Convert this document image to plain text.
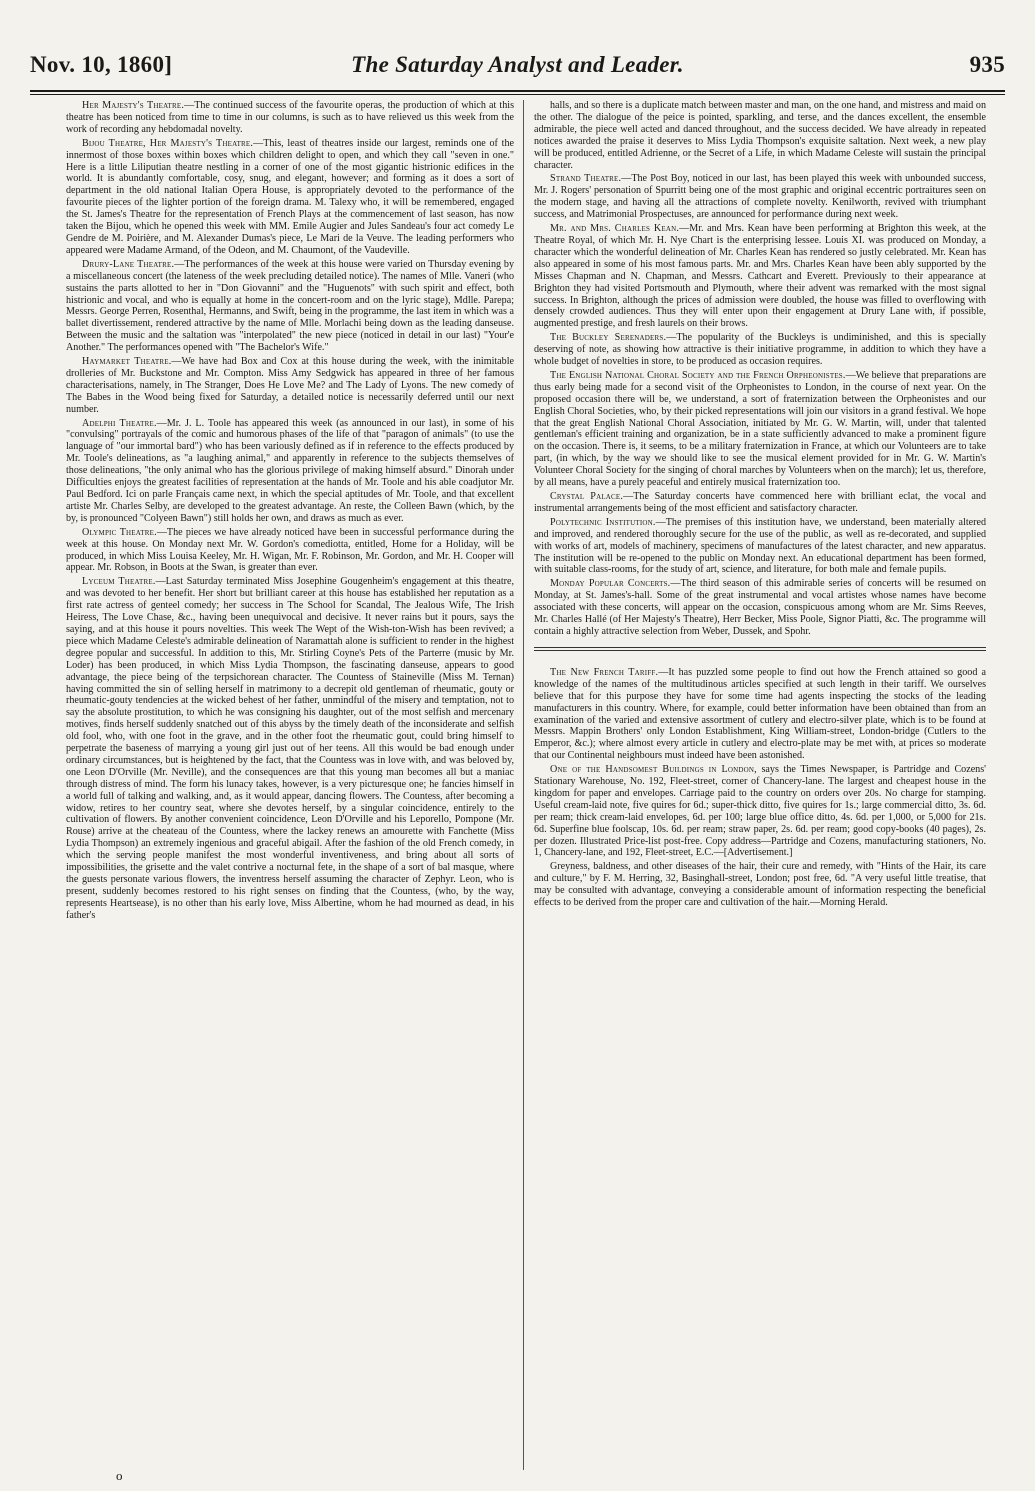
The Saturday Analyst and Leader.
Nov. 10, 1860]	935

Her Majesty's Theatre.—The continued success of the favourite operas, the production of which at this theatre has been noticed from time to time in our columns, is such as to have relieved us this week from the work of recording any hebdomadal novelty.

Bijou Theatre, Her Majesty's Theatre.—This, least of theatres inside our largest, reminds one of the innermost of those boxes within boxes which children delight to open, and which they call "seven in one." Here is a little Liliputian theatre nestling in a corner of one of the most gigantic histrionic edifices in the world. It is abundantly comfortable, cosy, snug, and elegant, however; and forming as it does a sort of department in the old national Italian Opera House, is appropriately devoted to the performance of the favourite pieces of the lighter portion of the foreign drama. M. Talexy who, it will be remembered, engaged the St. James's Theatre for the representation of French Plays at the commencement of last season, has now taken the Bijou, which he opened this week with MM. Emile Augier and Jules Sandeau's four act comedy Le Gendre de M. Poirière, and M. Alexander Dumas's piece, Le Mari de la Veuve. The leading performers who appeared were Madame Armand, of the Odeon, and M. Chaumont, of the Vaudeville.

Drury-Lane Theatre.—The performances of the week at this house were varied on Thursday evening by a miscellaneous concert (the lateness of the week precluding detailed notice). The names of Mlle. Vaneri (who sustains the parts allotted to her in "Don Giovanni" and the "Huguenots" with such spirit and effect, both histrionic and vocal, and who is equally at home in the concert-room and on the lyric stage), Mdlle. Parepa; Messrs. George Perren, Rosenthal, Hermanns, and Swift, being in the programme, the last item in which was a ballet divertissement, rendered attractive by the name of Mlle. Morlachi being down as the leading danseuse. Between the music and the saltation was "interpolated" the new piece (noticed in detail in our last) "Your'e Another." The performances opened with "The Bachelor's Wife."

Haymarket Theatre.—We have had Box and Cox at this house during the week, with the inimitable drolleries of Mr. Buckstone and Mr. Compton. Miss Amy Sedgwick has appeared in three of her famous characterisations, namely, in The Stranger, Does He Love Me? and The Lady of Lyons. The new comedy of The Babes in the Wood being fixed for Saturday, a detailed notice is necessarily deferred until our next number.

Adelphi Theatre.—Mr. J. L. Toole has appeared this week (as announced in our last), in some of his "convulsing" portrayals of the comic and humorous phases of the life of that "paragon of animals" (to use the language of "our immortal bard") who has been variously defined as if in reference to the effects produced by Mr. Toole's delineations, as "a laughing animal," and apparently in reference to the subjects themselves of those delineations, "the only animal who has the glorious privilege of making himself absurd." Dinorah under Difficulties enjoys the greatest facilities of representation at the hands of Mr. Toole and his able coadjutor Mr. Paul Bedford. Ici on parle Français came next, in which the special aptitudes of Mr. Toole, and that excellent artiste Mr. Charles Selby, are developed to the greatest advantage. An reste, the Colleen Bawn (which, by the by, is pronounced "Colyeen Bawn") still holds her own, and draws as much as ever.

Olympic Theatre.—The pieces we have already noticed have been in successful performance during the week at this house. On Monday next Mr. W. Gordon's comediotta, entitled, Home for a Holiday, will be produced, in which Miss Louisa Keeley, Mr. H. Wigan, Mr. F. Robinson, Mr. Gordon, and Mr. H. Cooper will appear. Mr. Robson, in Boots at the Swan, is greater than ever.

Lyceum Theatre.—Last Saturday terminated Miss Josephine Gougenheim's engagement at this theatre, and was devoted to her benefit. Her short but brilliant career at this house has established her reputation as a first rate actress of genteel comedy; her success in The School for Scandal, The Jealous Wife, The Irish Heiress, The Love Chase, &c., having been unequivocal and decisive. It never rains but it pours, says the saying, and at this house it pours novelties. This week The Wept of the Wish-ton-Wish has been revived; a piece which Madame Celeste's admirable delineation of Naramattah alone is sufficient to render in the highest degree popular and successful. In addition to this, Mr. Stirling Coyne's Pets of the Parterre (music by Mr. Loder) has been produced, in which Miss Lydia Thompson, the fascinating danseuse, appears to good advantage, the piece being of the terpsichorean character. The Countess of Staineville (Miss M. Ternan) having committed the sin of selling herself in matrimony to a decrepit old gentleman of rheumatic, gouty or rheumatic-gouty tendencies at the wicked behest of her father, unmindful of the misery and temptation, not to say the absolute prostitution, to which he was consigning his daughter, out of the most selfish and mercenary motives, finds herself suddenly snatched out of this abyss by the timely death of the inconsiderate and selfish old fool, who, with one foot in the grave, and in the other foot the rheumatic gout, could bring himself to perpetrate the baseness of marrying a young girl just out of her teens. All this would be bad enough under ordinary circumstances, but is heightened by the fact, that the Countess was in love with, and was beloved by, one Leon D'Orville (Mr. Neville), and the consequences are that this young man becomes all but a maniac through distress of mind. The form his lunacy takes, however, is a very picturesque one; he fancies himself in a world full of talking and walking, and, as it would appear, dancing flowers. The Countess, after becoming a widow, retires to her country seat, where she devotes herself, by a singular coincidence, entirely to the cultivation of flowers. By another convenient coincidence, Leon D'Orville and his Leporello, Pompone (Mr. Rouse) arrive at the cheateau of the Countess, where the lackey renews an amourette with Fanchette (Miss Lydia Thompson) an extremely ingenious and graceful abigail. After the fashion of the old French comedy, in which the serving people manifest the most wonderful inventiveness, and bring about all sorts of impossibilities, the grisette and the valet contrive a nocturnal fete, in the shape of a sort of bal masque, where the guests personate various flowers, the inventress herself assuming the character of Zephyr. Leon, who is present, suddenly becomes restored to his right senses on finding that the Countess, (who, by the way, represents Heartsease), is no other than his early love, Miss Albertine, whom he had mourned as dead, in his father's

halls, and so there is a duplicate match between master and man, on the one hand, and mistress and maid on the other. The dialogue of the peice is pointed, sparkling, and terse, and the dances excellent, the ensemble admirable, the piece well acted and danced throughout, and the success decided. We have already in repeated notices awarded the praise it deserves to Miss Lydia Thompson's exquisite saltation. Next week, a new play will be produced, entitled Adrienne, or the Secret of a Life, in which Madame Celeste will sustain the principal character.

Strand Theatre.—The Post Boy, noticed in our last, has been played this week with unbounded success, Mr. J. Rogers' personation of Spurritt being one of the most graphic and original eccentric portraitures seen on the modern stage, and having all the attractions of complete novelty. Kenilworth, revived with triumphant success, and Matrimonial Prospectuses, are announced for performance during next week.

Mr. and Mrs. Charles Kean.—Mr. and Mrs. Kean have been performing at Brighton this week, at the Theatre Royal, of which Mr. H. Nye Chart is the enterprising lessee. Louis XI. was produced on Monday, a character which the wonderful delineation of Mr. Charles Kean has rendered so justly celebrated. Mr. Kean has also appeared in some of his most famous parts. Mr. and Mrs. Charles Kean have been ably supported by the Misses Chapman and N. Chapman, and Messrs. Cathcart and Everett. Previously to their appearance at Brighton they had visited Portsmouth and Plymouth, where their advent was remarked with the most signal success. In Brighton, although the prices of admission were doubled, the house was filled to overflowing with densely crowded audiences. Thus they will enter upon their engagement at Drury Lane with, if possible, augmented prestige, and fresh laurels on their brows.

The Buckley Serenaders.—The popularity of the Buckleys is undiminished, and this is specially deserving of note, as showing how attractive is their initiative programme, in addition to which they have a whole budget of novelties in store, to be produced as occasion requires.

The English National Choral Society and the French Orpheonistes.—We believe that preparations are thus early being made for a second visit of the Orpheonistes to London, in the course of next year. On the proposed occasion there will be, we understand, a sort of fraternization between the Orpheonistes and our English Choral Societies, who, by their picked representations will join our visitors in a grand festival. We hope that the great English National Choral Association, initiated by Mr. G. W. Martin, will, under that talented gentleman's efficient training and organization, be in a state sufficiently advanced to make a prominent figure on the occasion. There is, it seems, to be a military fraternization in France, at which our Volunteers are to take part, (in which, by the way we should like to see the musical element provided for in Mr. G. W. Martin's Volunteer Choral Society for the singing of choral marches by Volunteers when on the march); let us, therefore, by all means, have a purely peaceful and entirely musical fraternization too.

Crystal Palace.—The Saturday concerts have commenced here with brilliant eclat, the vocal and instrumental arrangements being of the most efficient and satisfactory character.

Polytechnic Institution.—The premises of this institution have, we understand, been materially altered and improved, and rendered thoroughly secure for the use of the public, as well as re-decorated, and supplied with works of art, models of machinery, specimens of manufactures of the latest character, and new apparatus. The institution will be re-opened to the public on Monday next. An educational department has been formed, with suitable class-rooms, for the study of art, science, and literature, for both male and female pupils.

Monday Popular Concerts.—The third season of this admirable series of concerts will be resumed on Monday, at St. James's-hall. Some of the great instrumental and vocal artistes whose names have become associated with these concerts, will appear on the occasion, conspicuous among whom are Mr. Sims Reeves, Mr. Charles Hallé (of Her Majesty's Theatre), Herr Becker, Miss Poole, Signor Piatti, &c. The programme will contain a highly attractive selection from Weber, Dussek, and Spohr.

The New French Tariff.—It has puzzled some people to find out how the French attained so good a knowledge of the names of the multitudinous articles specified at such length in their tariff. We ourselves believe that for this purpose they have for some time had agents inspecting the stocks of the leading manufacturers in this country. Where, for example, could better information have been obtained than from an examination of the varied and extensive assortment of cutlery and electro-silver plate, which is to be found at Messrs. Mappin Brothers' only London Establishment, King William-street, London-bridge (Cutlers to the Emperor, &c.); where almost every article in cutlery and electro-plate may be met with, at prices so moderate that our Continental neighbours must indeed have been astonished.

One of the Handsomest Buildings in London, says the Times Newspaper, is Partridge and Cozens' Stationary Warehouse, No. 192, Fleet-street, corner of Chancery-lane. The largest and cheapest house in the kingdom for paper and envelopes. Carriage paid to the country on orders over 20s. No charge for stamping. Useful cream-laid note, five quires for 6d.; super-thick ditto, five quires for 1s.; large commercial ditto, 3s. 6d. per ream; thick cream-laid envelopes, 6d. per 100; large blue office ditto, 4s. 6d. per 1,000, or 5,000 for 21s. 6d. Superfine blue foolscap, 10s. 6d. per ream; straw paper, 2s. 6d. per ream; good copy-books (40 pages), 2s. per dozen. Illustrated Price-list post-free. Copy address—Partridge and Cozens, manufacturing stationers, No. 1, Chancery-lane, and 192, Fleet-street, E.C.—[Advertisement.]

Greyness, baldness, and other diseases of the hair, their cure and remedy, with "Hints of the Hair, its care and culture," by F. M. Herring, 32, Basinghall-street, London; post free, 6d. "A very useful little treatise, that may be consulted with advantage, conveying a considerable amount of information respecting the beneficial effects to be derived from the proper care and cultivation of the hair.—Morning Herald.

o
